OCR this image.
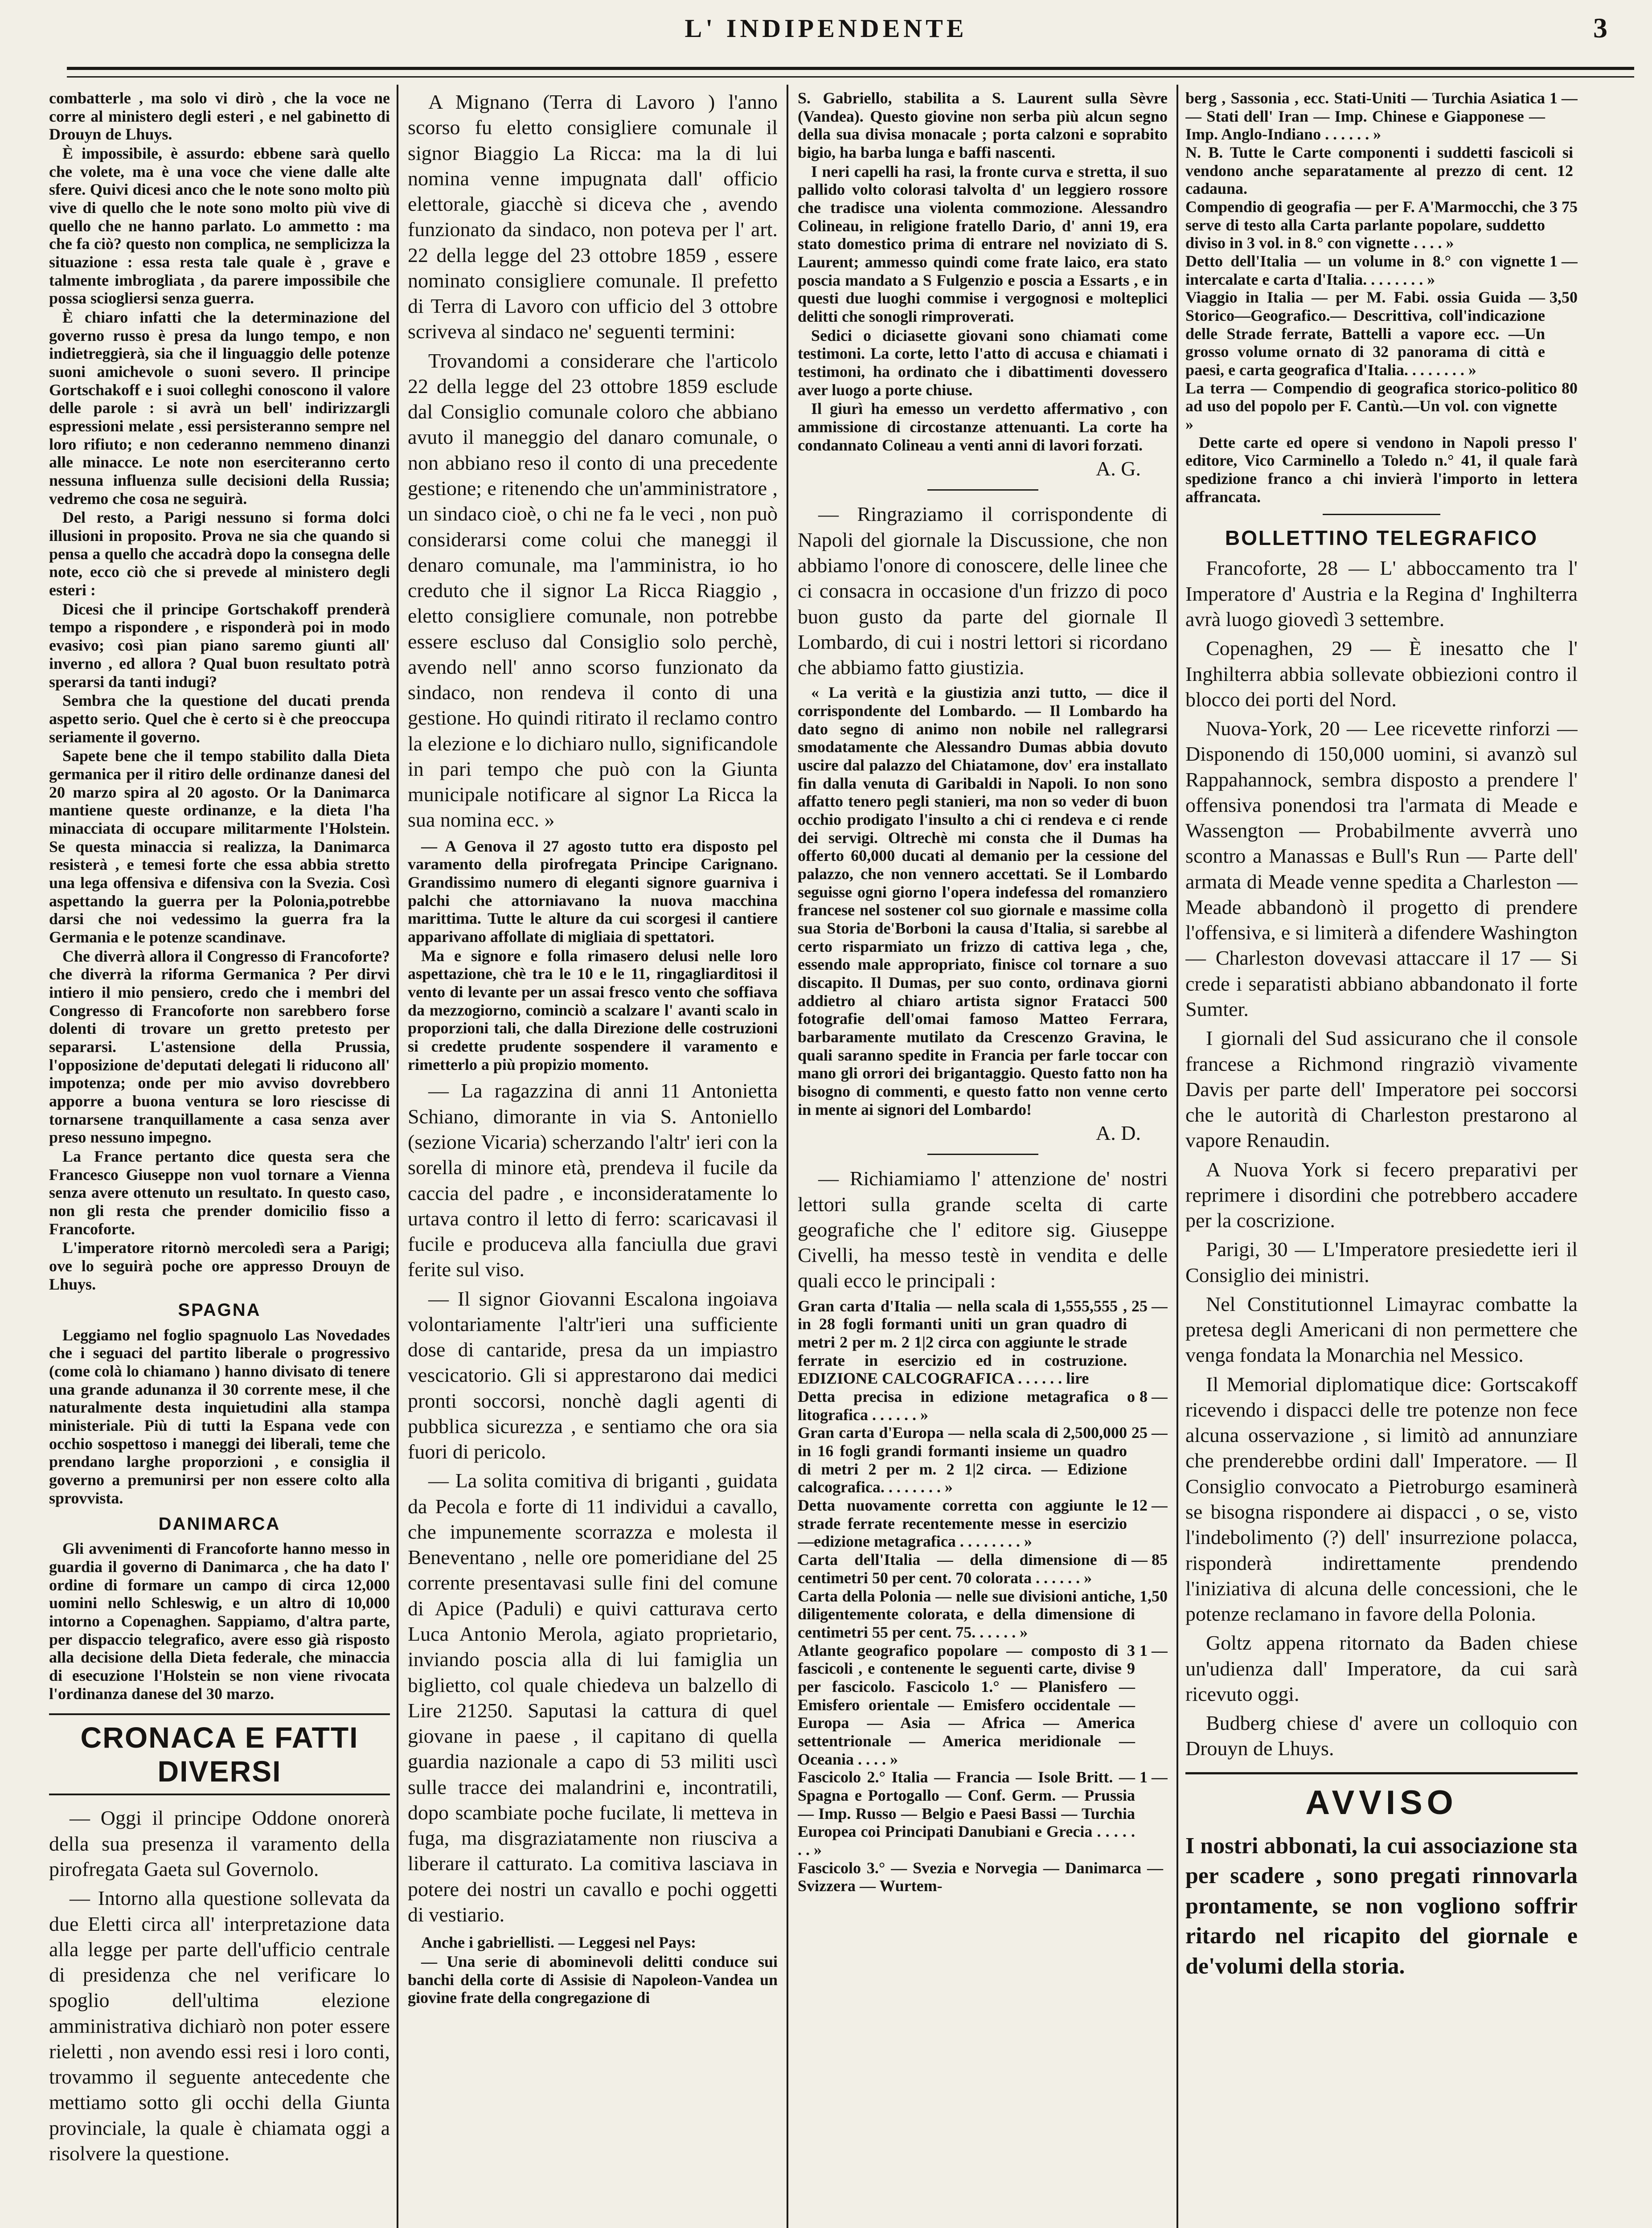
L' INDIPENDENTE	3

combatterle , ma solo vi dirò , che la voce ne corre al ministero degli esteri , e nel gabinetto di Drouyn de Lhuys.

È impossibile, è assurdo: ebbene sarà quello che volete, ma è una voce che viene dalle alte sfere. Quivi dicesi anco che le note sono molto più vive di quello che le note sono molto più vive di quello che ne hanno parlato. Lo ammetto : ma che fa ciò? questo non complica, ne semplicizza la situazione : essa resta tale quale è , grave e talmente imbrogliata , da parere impossibile che possa sciogliersi senza guerra.

È chiaro infatti che la determinazione del governo russo è presa da lungo tempo, e non indietreggierà, sia che il linguaggio delle potenze suoni amichevole o suoni severo. Il principe Gortschakoff e i suoi colleghi conoscono il valore delle parole : si avrà un bell' indirizzargli espressioni melate , essi persisteranno sempre nel loro rifiuto; e non cederanno nemmeno dinanzi alle minacce. Le note non eserciteranno certo nessuna influenza sulle decisioni della Russia; vedremo che cosa ne seguirà.

Del resto, a Parigi nessuno si forma dolci illusioni in proposito. Prova ne sia che quando si pensa a quello che accadrà dopo la consegna delle note, ecco ciò che si prevede al ministero degli esteri :

Dicesi che il principe Gortschakoff prenderà tempo a rispondere , e risponderà poi in modo evasivo; così pian piano saremo giunti all' inverno , ed allora ? Qual buon resultato potrà sperarsi da tanti indugi?

Sembra che la questione del ducati prenda aspetto serio. Quel che è certo si è che preoccupa seriamente il governo.

Sapete bene che il tempo stabilito dalla Dieta germanica per il ritiro delle ordinanze danesi del 20 marzo spira al 20 agosto. Or la Danimarca mantiene queste ordinanze, e la dieta l'ha minacciata di occupare militarmente l'Holstein. Se questa minaccia si realizza, la Danimarca resisterà , e temesi forte che essa abbia stretto una lega offensiva e difensiva con la Svezia. Così aspettando la guerra per la Polonia,potrebbe darsi che noi vedessimo la guerra fra la Germania e le potenze scandinave.

Che diverrà allora il Congresso di Francoforte? che diverrà la riforma Germanica ? Per dirvi intiero il mio pensiero, credo che i membri del Congresso di Francoforte non sarebbero forse dolenti di trovare un gretto pretesto per separarsi. L'astensione della Prussia, l'opposizione de'deputati delegati li riducono all' impotenza; onde per mio avviso dovrebbero apporre a buona ventura se loro riescisse di tornarsene tranquillamente a casa senza aver preso nessuno impegno.

La France pertanto dice questa sera che Francesco Giuseppe non vuol tornare a Vienna senza avere ottenuto un resultato. In questo caso, non gli resta che prender domicilio fisso a Francoforte.

L'imperatore ritornò mercoledì sera a Parigi; ove lo seguirà poche ore appresso Drouyn de Lhuys.

SPAGNA

Leggiamo nel foglio spagnuolo Las Novedades che i seguaci del partito liberale o progressivo (come colà lo chiamano ) hanno divisato di tenere una grande adunanza il 30 corrente mese, il che naturalmente desta inquietudini alla stampa ministeriale. Più di tutti la Espana vede con occhio sospettoso i maneggi dei liberali, teme che prendano larghe proporzioni , e consiglia il governo a premunirsi per non essere colto alla sprovvista.

DANIMARCA

Gli avvenimenti di Francoforte hanno messo in guardia il governo di Danimarca , che ha dato l' ordine di formare un campo di circa 12,000 uomini nello Schleswig, e un altro di 10,000 intorno a Copenaghen. Sappiamo, d'altra parte, per dispaccio telegrafico, avere esso già risposto alla decisione della Dieta federale, che minaccia di esecuzione l'Holstein se non viene rivocata l'ordinanza danese del 30 marzo.

CRONACA E FATTI DIVERSI

— Oggi il principe Oddone onorerà della sua presenza il varamento della pirofregata Gaeta sul Governolo.

— Intorno alla questione sollevata da due Eletti circa all' interpretazione data alla legge per parte dell'ufficio centrale di presidenza che nel verificare lo spoglio dell'ultima elezione amministrativa dichiarò non poter essere rieletti , non avendo essi resi i loro conti, trovammo il seguente antecedente che mettiamo sotto gli occhi della Giunta provinciale, la quale è chiamata oggi a risolvere la questione.

A Mignano (Terra di Lavoro ) l'anno scorso fu eletto consigliere comunale il signor Biaggio La Ricca: ma la di lui nomina venne impugnata dall' officio elettorale, giacchè si diceva che , avendo funzionato da sindaco, non poteva per l' art. 22 della legge del 23 ottobre 1859 , essere nominato consigliere comunale. Il prefetto di Terra di Lavoro con ufficio del 3 ottobre scriveva al sindaco ne' seguenti termini:

Trovandomi a considerare che l'articolo 22 della legge del 23 ottobre 1859 esclude dal Consiglio comunale coloro che abbiano avuto il maneggio del danaro comunale, o non abbiano reso il conto di una precedente gestione; e ritenendo che un'amministratore , un sindaco cioè, o chi ne fa le veci , non può considerarsi come colui che maneggi il denaro comunale, ma l'amministra, io ho creduto che il signor La Ricca Riaggio , eletto consigliere comunale, non potrebbe essere escluso dal Consiglio solo perchè, avendo nell' anno scorso funzionato da sindaco, non rendeva il conto di una gestione. Ho quindi ritirato il reclamo contro la elezione e lo dichiaro nullo, significandole in pari tempo che può con la Giunta municipale notificare al signor La Ricca la sua nomina ecc. »

— A Genova il 27 agosto tutto era disposto pel varamento della pirofregata Principe Carignano. Grandissimo numero di eleganti signore guarniva i palchi che attorniavano la nuova macchina marittima. Tutte le alture da cui scorgesi il cantiere apparivano affollate di migliaia di spettatori.

Ma e signore e folla rimasero delusi nelle loro aspettazione, chè tra le 10 e le 11, ringagliarditosi il vento di levante per un assai fresco vento che soffiava da mezzogiorno, cominciò a scalzare l' avanti scalo in proporzioni tali, che dalla Direzione delle costruzioni si credette prudente sospendere il varamento e rimetterlo a più propizio momento.

— La ragazzina di anni 11 Antonietta Schiano, dimorante in via S. Antoniello (sezione Vicaria) scherzando l'altr' ieri con la sorella di minore età, prendeva il fucile da caccia del padre , e inconsideratamente lo urtava contro il letto di ferro: scaricavasi il fucile e produceva alla fanciulla due gravi ferite sul viso.

— Il signor Giovanni Escalona ingoiava volontariamente l'altr'ieri una sufficiente dose di cantaride, presa da un impiastro vescicatorio. Gli si apprestarono dai medici pronti soccorsi, nonchè dagli agenti di pubblica sicurezza , e sentiamo che ora sia fuori di pericolo.

— La solita comitiva di briganti , guidata da Pecola e forte di 11 individui a cavallo, che impunemente scorrazza e molesta il Beneventano , nelle ore pomeridiane del 25 corrente presentavasi sulle fini del comune di Apice (Paduli) e quivi catturava certo Luca Antonio Merola, agiato proprietario, inviando poscia alla di lui famiglia un biglietto, col quale chiedeva un balzello di Lire 21250. Saputasi la cattura di quel giovane in paese , il capitano di quella guardia nazionale a capo di 53 militi uscì sulle tracce dei malandrini e, incontratili, dopo scambiate poche fucilate, li metteva in fuga, ma disgraziatamente non riusciva a liberare il catturato. La comitiva lasciava in potere dei nostri un cavallo e pochi oggetti di vestiario.

Anche i gabriellisti. — Leggesi nel Pays:

— Una serie di abominevoli delitti conduce sui banchi della corte di Assisie di Napoleon-Vandea un giovine frate della congregazione di

S. Gabriello, stabilita a S. Laurent sulla Sèvre (Vandea). Questo giovine non serba più alcun segno della sua divisa monacale ; porta calzoni e soprabito bigio, ha barba lunga e baffi nascenti.

I neri capelli ha rasi, la fronte curva e stretta, il suo pallido volto colorasi talvolta d' un leggiero rossore che tradisce una violenta commozione. Alessandro Colineau, in religione fratello Dario, d' anni 19, era stato domestico prima di entrare nel noviziato di S. Laurent; ammesso quindi come frate laico, era stato poscia mandato a S Fulgenzio e poscia a Essarts , e in questi due luoghi commise i vergognosi e molteplici delitti che sonogli rimproverati.

Sedici o diciasette giovani sono chiamati come testimoni. La corte, letto l'atto di accusa e chiamati i testimoni, ha ordinato che i dibattimenti dovessero aver luogo a porte chiuse.

Il giurì ha emesso un verdetto affermativo , con ammissione di circostanze attenuanti. La corte ha condannato Colineau a venti anni di lavori forzati.

A. G.

— Ringraziamo il corrispondente di Napoli del giornale la Discussione, che non abbiamo l'onore di conoscere, delle linee che ci consacra in occasione d'un frizzo di poco buon gusto da parte del giornale Il Lombardo, di cui i nostri lettori si ricordano che abbiamo fatto giustizia.

« La verità e la giustizia anzi tutto, — dice il corrispondente del Lombardo. — Il Lombardo ha dato segno di animo non nobile nel rallegrarsi smodatamente che Alessandro Dumas abbia dovuto uscire dal palazzo del Chiatamone, dov' era installato fin dalla venuta di Garibaldi in Napoli. Io non sono affatto tenero pegli stanieri, ma non so veder di buon occhio prodigato l'insulto a chi ci rendeva e ci rende dei servigi. Oltrechè mi consta che il Dumas ha offerto 60,000 ducati al demanio per la cessione del palazzo, che non vennero accettati. Se il Lombardo seguisse ogni giorno l'opera indefessa del romanziero francese nel sostener col suo giornale e massime colla sua Storia de'Borboni la causa d'Italia, si sarebbe al certo risparmiato un frizzo di cattiva lega , che, essendo male appropriato, finisce col tornare a suo discapito. Il Dumas, per suo conto, ordinava giorni addietro al chiaro artista signor Fratacci 500 fotografie dell'omai famoso Matteo Ferrara, barbaramente mutilato da Crescenzo Gravina, le quali saranno spedite in Francia per farle toccar con mano gli orrori dei brigantaggio. Questo fatto non ha bisogno di commenti, e questo fatto non venne certo in mente ai signori del Lombardo!

A. D.

— Richiamiamo l' attenzione de' nostri lettori sulla grande scelta di carte geografiche che l' editore sig. Giuseppe Civelli, ha messo testè in vendita e delle quali ecco le principali :

Gran carta d'Italia — nella scala di 1,555,555 , in 28 fogli formanti uniti un gran quadro di metri 2 per m. 2 1|2 circa con aggiunte le strade ferrate in esercizio ed in costruzione. EDIZIONE CALCOGRAFICA . . . . . . lire
25 —
Detta precisa in edizione metagrafica o litografica . . . . . . »
8 —
Gran carta d'Europa — nella scala di 2,500,000 in 16 fogli grandi formanti insieme un quadro di metri 2 per m. 2 1|2 circa. — Edizione calcografica. . . . . . . . »
25 —
Detta nuovamente corretta con aggiunte le strade ferrate recentemente messe in esercizio—edizione metagrafica . . . . . . . . »
12 —
Carta dell'Italia — della dimensione di centimetri 50 per cent. 70 colorata . . . . . . »
— 85
Carta della Polonia — nelle sue divisioni antiche, diligentemente colorata, e della dimensione di centimetri 55 per cent. 75. . . . . . »
1,50
Atlante geografico popolare — composto di 3 fascicoli , e contenente le seguenti carte, divise 9 per fascicolo. Fascicolo 1.° — Planisfero — Emisfero orientale — Emisfero occidentale — Europa — Asia — Africa — America settentrionale — America meridionale — Oceania . . . . »
1 —
Fascicolo 2.° Italia — Francia — Isole Britt. — Spagna e Portogallo — Conf. Germ. — Prussia — Imp. Russo — Belgio e Paesi Bassi — Turchia Europea coi Principati Danubiani e Grecia . . . . . . . »
1 —
Fascicolo 3.° — Svezia e Norvegia — Danimarca — Svizzera — Wurtem-
berg , Sassonia , ecc. Stati-Uniti — Turchia Asiatica — Stati dell' Iran — Imp. Chinese e Giapponese — Imp. Anglo-Indiano . . . . . . »
1 —
N. B. Tutte le Carte componenti i suddetti fascicoli si vendono anche separatamente al prezzo di cent. 12 cadauna.
Compendio di geografia — per F. A'Marmocchi, che serve di testo alla Carta parlante popolare, suddetto diviso in 3 vol. in 8.° con vignette . . . . »
3 75
Detto dell'Italia — un volume in 8.° con vignette intercalate e carta d'Italia. . . . . . . . »
1 —
Viaggio in Italia — per M. Fabi. ossia Guida — Storico—Geografico.— Descrittiva, coll'indicazione delle Strade ferrate, Battelli a vapore ecc. —Un grosso volume ornato di 32 panorama di città e paesi, e carta geografica d'Italia. . . . . . . . »
3,50
La terra — Compendio di geografica storico-politico ad uso del popolo per F. Cantù.—Un vol. con vignette »
80

Dette carte ed opere si vendono in Napoli presso l' editore, Vico Carminello a Toledo n.° 41, il quale farà spedizione franco a chi invierà l'importo in lettera affrancata.

BOLLETTINO TELEGRAFICO

Francoforte, 28 — L' abboccamento tra l' Imperatore d' Austria e la Regina d' Inghilterra avrà luogo giovedì 3 settembre.

Copenaghen, 29 — È inesatto che l' Inghilterra abbia sollevate obbiezioni contro il blocco dei porti del Nord.

Nuova-York, 20 — Lee ricevette rinforzi — Disponendo di 150,000 uomini, si avanzò sul Rappahannock, sembra disposto a prendere l' offensiva ponendosi tra l'armata di Meade e Wassengton — Probabilmente avverrà uno scontro a Manassas e Bull's Run — Parte dell' armata di Meade venne spedita a Charleston — Meade abbandonò il progetto di prendere l'offensiva, e si limiterà a difendere Washington — Charleston dovevasi attaccare il 17 — Si crede i separatisti abbiano abbandonato il forte Sumter.

I giornali del Sud assicurano che il console francese a Richmond ringraziò vivamente Davis per parte dell' Imperatore pei soccorsi che le autorità di Charleston prestarono al vapore Renaudin.

A Nuova York si fecero preparativi per reprimere i disordini che potrebbero accadere per la coscrizione.

Parigi, 30 — L'Imperatore presiedette ieri il Consiglio dei ministri.

Nel Constitutionnel Limayrac combatte la pretesa degli Americani di non permettere che venga fondata la Monarchia nel Messico.

Il Memorial diplomatique dice: Gortscakoff ricevendo i dispacci delle tre potenze non fece alcuna osservazione , si limitò ad annunziare che prenderebbe ordini dall' Imperatore. — Il Consiglio convocato a Pietroburgo esaminerà se bisogna rispondere ai dispacci , o se, visto l'indebolimento (?) dell' insurrezione polacca, risponderà indirettamente prendendo l'iniziativa di alcuna delle concessioni, che le potenze reclamano in favore della Polonia.

Goltz appena ritornato da Baden chiese un'udienza dall' Imperatore, da cui sarà ricevuto oggi.

Budberg chiese d' avere un colloquio con Drouyn de Lhuys.

AVVISO
I nostri abbonati, la cui associazione sta per scadere , sono pregati rinnovarla prontamente, se non vogliono soffrir ritardo nel ricapito del giornale e de'volumi della storia.
